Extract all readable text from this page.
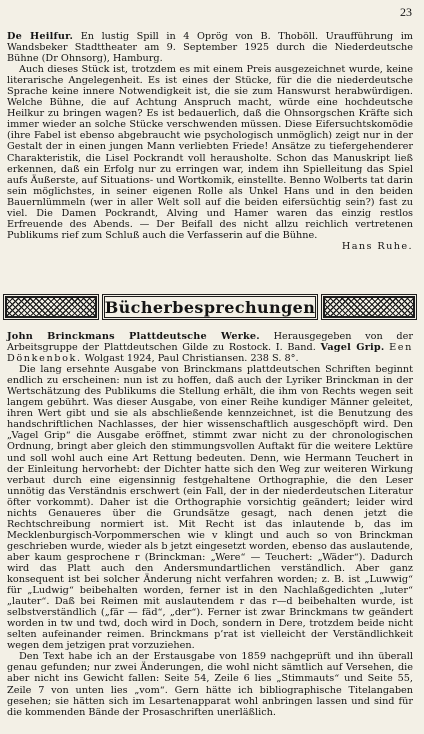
23

De Heilfur. En lustig Spill in 4 Oprög von B. Thoböll. Uraufführung im Wandsbeker Stadttheater am 9. September 1925 durch die Niederdeutsche Bühne (Dr Ohnsorg), Hamburg.

Auch dieses Stück ist, trotzdem es mit einem Preis ausgezeichnet wurde, keine literarische Angelegenheit. Es ist eines der Stücke, für die die niederdeutsche Sprache keine innere Notwendigkeit ist, die sie zum Hanswurst herabwürdigen. Welche Bühne, die auf Achtung Anspruch macht, würde eine hochdeutsche Heilkur zu bringen wagen? Es ist bedauerlich, daß die Ohnsorgschen Kräfte sich immer wieder an solche Stücke verschwenden müssen. Diese Eifersuchtskomödie (ihre Fabel ist ebenso abgebraucht wie psychologisch unmöglich) zeigt nur in der Gestalt der in einen jungen Mann verliebten Friede! Ansätze zu tiefergehenderer Charakteristik, die Lisel Pockrandt voll herausholte. Schon das Manuskript ließ erkennen, daß ein Erfolg nur zu erringen war, indem ihn Spielleitung das Spiel aufs Äußerste, auf Situations- und Wortkomik, einstellte. Benno Wolberts tat darin sein möglichstes, in seiner eigenen Rolle als Unkel Hans und in den beiden Bauernlümmeln (wer in aller Welt soll auf die beiden eifersüchtig sein?) fast zu viel. Die Damen Pockrandt, Alving und Hamer waren das einzig restlos Erfreuende des Abends. — Der Beifall des nicht allzu reichlich vertretenen Publikums rief zum Schluß auch die Verfasserin auf die Bühne.

Hans Ruhe.
Bücherbesprechungen

John Brinckmans Plattdeutsche Werke. Herausgegeben von der Arbeitsgruppe der Plattdeutschen Gilde zu Rostock. I. Band. Vagel Grip. Een Dönkenbok. Wolgast 1924, Paul Christiansen. 238 S. 8°.

Die lang ersehnte Ausgabe von Brinckmans plattdeutschen Schriften beginnt endlich zu erscheinen: nun ist zu hoffen, daß auch der Lyriker Brinckman in der Wertschätzung des Publikums die Stellung erhält, die ihm von Rechts wegen seit langem gebührt. Was dieser Ausgabe, von einer Reihe kundiger Männer geleitet, ihren Wert gibt und sie als abschließende kennzeichnet, ist die Benutzung des handschriftlichen Nachlasses, der hier wissenschaftlich ausgeschöpft wird. Den „Vagel Grip“ die Ausgabe eröffnet, stimmt zwar nicht zu der chronologischen Ordnung, bringt aber gleich den stimmungsvollen Auftakt für die weitere Lektüre und soll wohl auch eine Art Rettung bedeuten. Denn, wie Hermann Teuchert in der Einleitung hervorhebt: der Dichter hatte sich den Weg zur weiteren Wirkung verbaut durch eine eigensinnig festgehaltene Orthographie, die den Leser unnötig das Verständnis erschwert (ein Fall, der in der niederdeutschen Literatur öfter vorkommt). Daher ist die Orthographie vorsichtig geändert; leider wird nichts Genaueres über die Grundsätze gesagt, nach denen jetzt die Rechtschreibung normiert ist. Mit Recht ist das inlautende b, das im Mecklenburgisch-Vorpommerschen wie v klingt und auch so von Brinckman geschrieben wurde, wieder als b jetzt eingesetzt worden, ebenso das auslautende, aber kaum gesprochene r (Brinckman: „Were“ — Teuchert: „Wäder“). Dadurch wird das Platt auch den Andersmundartlichen verständlich. Aber ganz konsequent ist bei solcher Änderung nicht verfahren worden; z. B. ist „Luwwig“ für „Ludwig“ beibehalten worden, ferner ist in den Nachlaßgedichten „luter“ „lauter“. Daß bei Reimen mit auslautendem r das r—d beibehalten wurde, ist selbstverständlich („fär — fäd“, „der“). Ferner ist zwar Brinckmans tw geändert worden in tw und twd, doch wird in Doch, sondern in Dere, trotzdem beide nicht selten aufeinander reimen. Brinckmans p’rat ist vielleicht der Verständlichkeit wegen dem jetzigen prat vorzuziehen.

Den Text habe ich an der Erstausgabe von 1859 nachgeprüft und ihn überall genau gefunden; nur zwei Änderungen, die wohl nicht sämtlich auf Versehen, die aber nicht ins Gewicht fallen: Seite 54, Zeile 6 lies „Stimmauts“ und Seite 55, Zeile 7 von unten lies „vom“. Gern hätte ich bibliographische Titelangaben gesehen; sie hätten sich im Lesartenapparat wohl anbringen lassen und sind für die kommenden Bände der Prosaschriften unerläßlich.
